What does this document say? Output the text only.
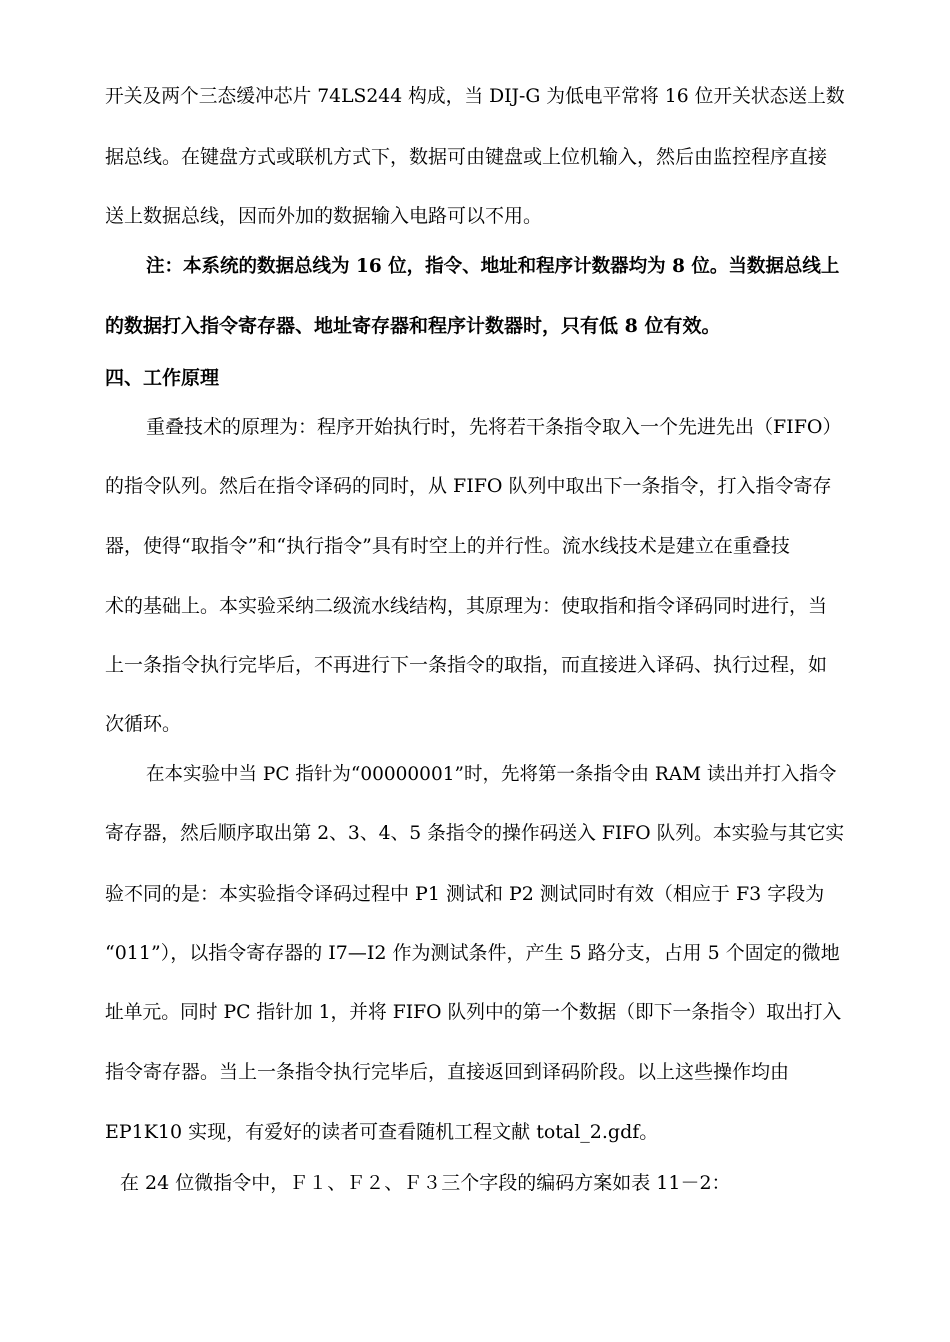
开关及两个三态缓冲芯片 74LS244 构成，当 DIJ-G 为低电平常将 16 位开关状态送上数
据总线。在键盘方式或联机方式下，数据可由键盘或上位机输入，然后由监控程序直接
送上数据总线，因而外加的数据输入电路可以不用。
注：本系统的数据总线为 16 位，指令、地址和程序计数器均为 8 位。当数据总线上
的数据打入指令寄存器、地址寄存器和程序计数器时，只有低 8 位有效。
四、工作原理
重叠技术的原理为：程序开始执行时，先将若干条指令取入一个先进先出（FIFO）
的指令队列。然后在指令译码的同时，从 FIFO 队列中取出下一条指令，打入指令寄存
器，使得“取指令”和“执行指令”具有时空上的并行性。流水线技术是建立在重叠技
术的基础上。本实验采纳二级流水线结构，其原理为：使取指和指令译码同时进行，当
上一条指令执行完毕后，不再进行下一条指令的取指，而直接进入译码、执行过程，如
次循环。
在本实验中当 PC 指针为“00000001”时，先将第一条指令由 RAM 读出并打入指令
寄存器，然后顺序取出第 2、3、4、5 条指令的操作码送入 FIFO 队列。本实验与其它实
验不同的是：本实验指令译码过程中 P1 测试和 P2 测试同时有效（相应于 F3 字段为
“011”），以指令寄存器的 I7—I2 作为测试条件，产生 5 路分支，占用 5 个固定的微地
址单元。同时 PC 指针加 1，并将 FIFO 队列中的第一个数据（即下一条指令）取出打入
指令寄存器。当上一条指令执行完毕后，直接返回到译码阶段。以上这些操作均由
EP1K10 实现，有爱好的读者可查看随机工程文献 total_2.gdf。
在 24 位微指令中，Ｆ１、Ｆ２、Ｆ３三个字段的编码方案如表 11－2：
